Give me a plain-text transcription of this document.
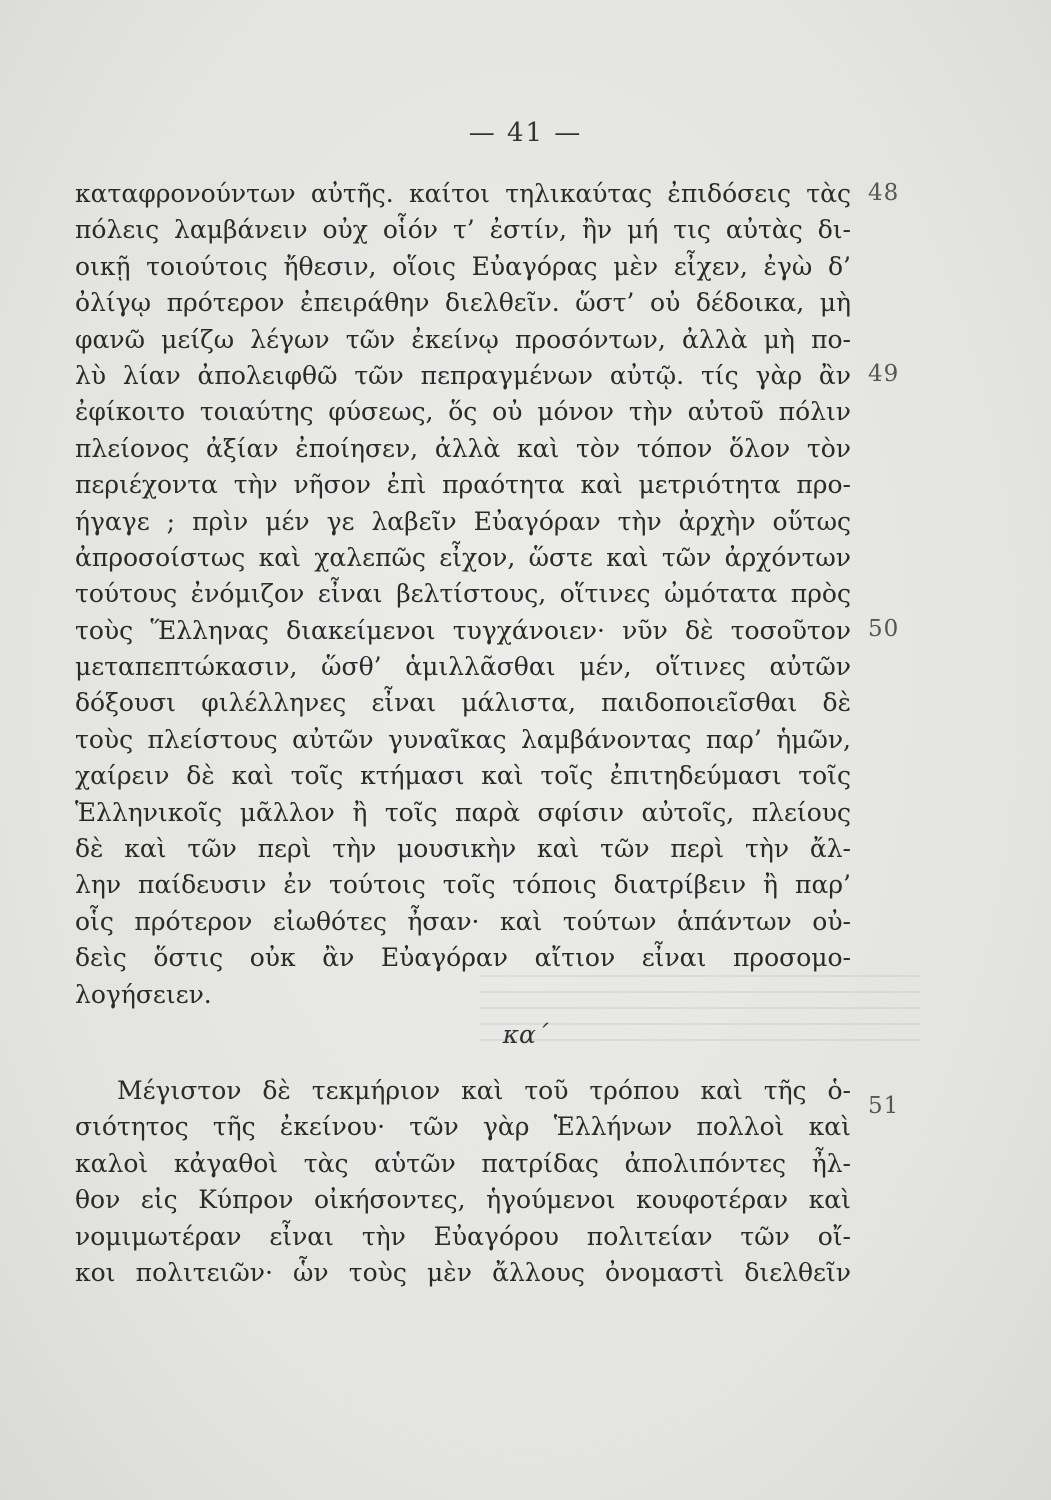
— 41 —
48
49
50
51
καταφρονούντων αὐτῆς. καίτοι τηλικαύτας ἐπιδόσεις τὰς
πόλεις λαμβάνειν οὐχ οἷόν τ’ ἐστίν, ἢν μή τις αὐτὰς δι-
οικῇ τοιούτοις ἤθεσιν, οἵοις Εὐαγόρας μὲν εἶχεν, ἐγὼ δ’
ὀλίγῳ πρότερον ἐπειράθην διελθεῖν. ὥστ’ οὐ δέδοικα, μὴ
φανῶ μείζω λέγων τῶν ἐκείνῳ προσόντων, ἀλλὰ μὴ πο-
λὺ λίαν ἀπολειφθῶ τῶν πεπραγμένων αὐτῷ. τίς γὰρ ἂν
ἐφίκοιτο τοιαύτης φύσεως, ὅς οὐ μόνον τὴν αὐτοῦ πόλιν
πλείονος ἀξίαν ἐποίησεν, ἀλλὰ καὶ τὸν τόπον ὅλον τὸν
περιέχοντα τὴν νῆσον ἐπὶ πραότητα καὶ μετριότητα προ-
ήγαγε ; πρὶν μέν γε λαβεῖν Εὐαγόραν τὴν ἀρχὴν οὕτως
ἀπροσοίστως καὶ χαλεπῶς εἶχον, ὥστε καὶ τῶν ἀρχόντων
τούτους ἐνόμιζον εἶναι βελτίστους, οἵτινες ὠμότατα πρὸς
τοὺς Ἕλληνας διακείμενοι τυγχάνοιεν· νῦν δὲ τοσοῦτον
μεταπεπτώκασιν, ὥσθ’ ἁμιλλᾶσθαι μέν, οἵτινες αὐτῶν
δόξουσι φιλέλληνες εἶναι μάλιστα, παιδοποιεῖσθαι δὲ
τοὺς πλείστους αὐτῶν γυναῖκας λαμβάνοντας παρ’ ἡμῶν,
χαίρειν δὲ καὶ τοῖς κτήμασι καὶ τοῖς ἐπιτηδεύμασι τοῖς
Ἑλληνικοῖς μᾶλλον ἢ τοῖς παρὰ σφίσιν αὐτοῖς, πλείους
δὲ καὶ τῶν περὶ τὴν μουσικὴν καὶ τῶν περὶ τὴν ἄλ-
λην παίδευσιν ἐν τούτοις τοῖς τόποις διατρίβειν ἢ παρ’
οἷς πρότερον εἰωθότες ἦσαν· καὶ τούτων ἁπάντων οὐ-
δεὶς ὅστις οὐκ ἂν Εὐαγόραν αἴτιον εἶναι προσομο-
λογήσειεν.
κα΄
Μέγιστον δὲ τεκμήριον καὶ τοῦ τρόπου καὶ τῆς ὁ-
σιότητος τῆς ἐκείνου· τῶν γὰρ Ἑλλήνων πολλοὶ καὶ
καλοὶ κἀγαθοὶ τὰς αὑτῶν πατρίδας ἀπολιπόντες ἦλ-
θον εἰς Κύπρον οἰκήσοντες, ἡγούμενοι κουφοτέραν καὶ
νομιμωτέραν εἶναι τὴν Εὐαγόρου πολιτείαν τῶν οἴ-
κοι πολιτειῶν· ὧν τοὺς μὲν ἄλλους ὀνομαστὶ διελθεῖν
